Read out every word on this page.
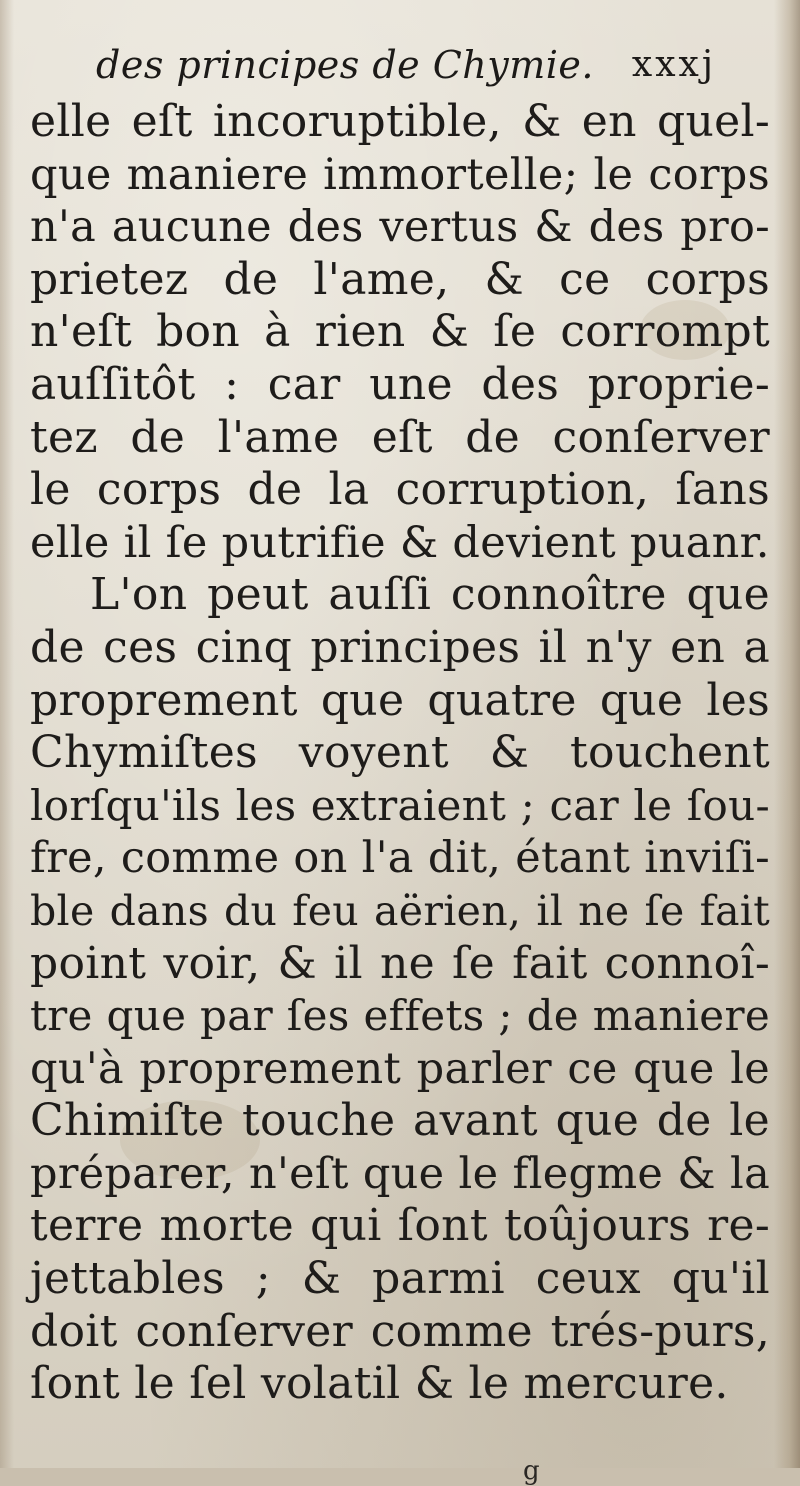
des principes de Chymie. xxxj
elle eſt incoruptible, & en quel-
que maniere immortelle; le corps
n'a aucune des vertus & des pro-
prietez de l'ame, & ce corps
n'eſt bon à rien & ſe corrompt
auſſitôt : car une des proprie-
tez de l'ame eſt de conſerver
le corps de la corruption, ſans
elle il ſe putrifie & devient puanr.
L'on peut auſſi connoître que
de ces cinq principes il n'y en a
proprement que quatre que les
Chymiſtes voyent & touchent
lorſqu'ils les extraient ; car le ſou-
fre, comme on l'a dit, étant inviſi-
ble dans du feu aërien, il ne ſe fait
point voir, & il ne ſe fait connoî-
tre que par ſes effets ; de maniere
qu'à proprement parler ce que le
Chimiſte touche avant que de le
préparer, n'eſt que le flegme & la
terre morte qui ſont toûjours re-
jettables ; & parmi ceux qu'il
doit conſerver comme trés-purs,
ſont le ſel volatil & le mercure.
g
